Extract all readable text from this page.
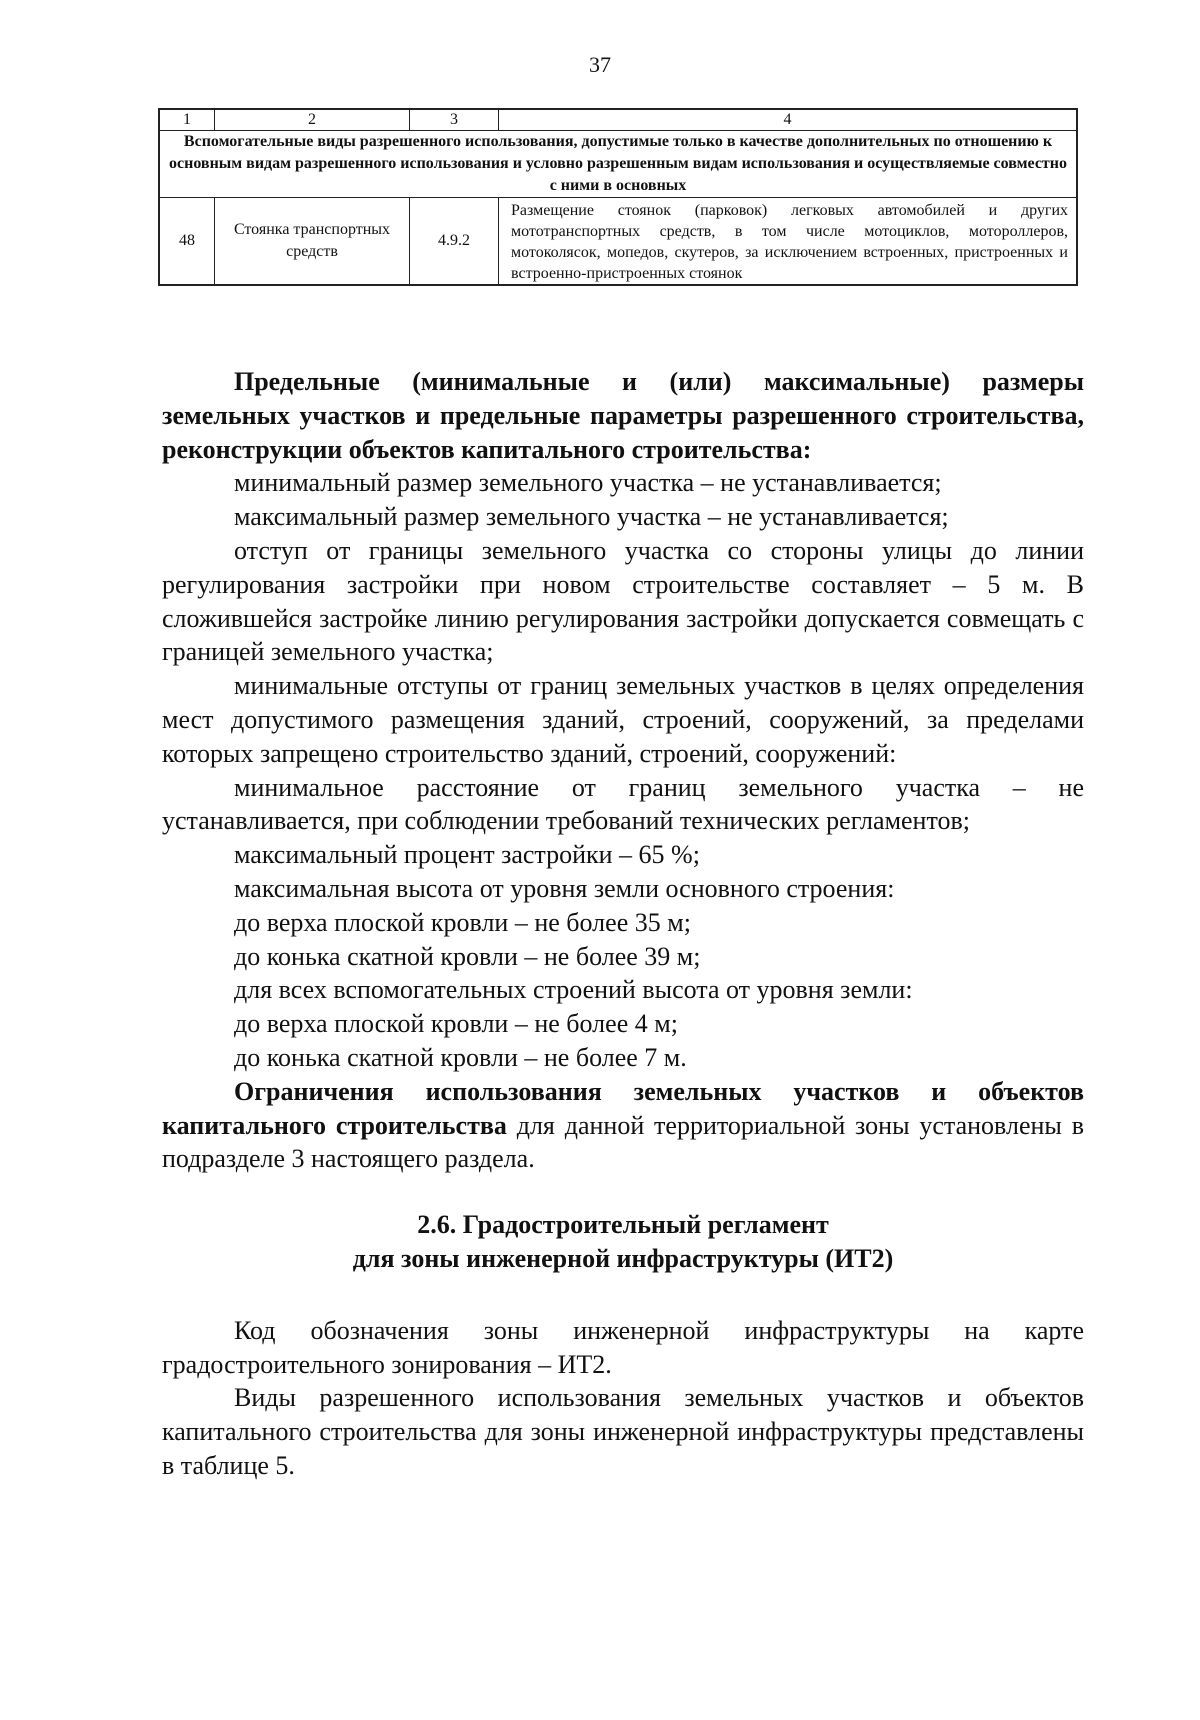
37
1	2	3	4
Вспомогательные виды разрешенного использования, допустимые только в качестве дополнительных по отношению к основным видам разрешенного использования и условно разрешенным видам использования и осуществляемые совместно с ними в основных			
48	Стоянка транспортных средств	4.9.2	Размещение стоянок (парковок) легковых автомобилей и других мототранспортных средств, в том числе мотоциклов, мотороллеров, мотоколясок, мопедов, скутеров, за исключением встроенных, пристроенных и встроенно-пристроенных стоянок

Предельные (минимальные и (или) максимальные) размеры земельных участков и предельные параметры разрешенного строительства, реконструкции объектов капитального строительства:

минимальный размер земельного участка – не устанавливается;

максимальный размер земельного участка – не устанавливается;

отступ от границы земельного участка со стороны улицы до линии регулирования застройки при новом строительстве составляет – 5 м. В сложившейся застройке линию регулирования застройки допускается совмещать с границей земельного участка;

минимальные отступы от границ земельных участков в целях определения мест допустимого размещения зданий, строений, сооружений, за пределами которых запрещено строительство зданий, строений, сооружений:

минимальное расстояние от границ земельного участка – не устанавливается, при соблюдении требований технических регламентов;

максимальный процент застройки – 65 %;

максимальная высота от уровня земли основного строения:

до верха плоской кровли – не более 35 м;

до конька скатной кровли – не более 39 м;

для всех вспомогательных строений высота от уровня земли:

до верха плоской кровли – не более 4 м;

до конька скатной кровли – не более 7 м.

Ограничения использования земельных участков и объектов капитального строительства для данной территориальной зоны установлены в подразделе 3 настоящего раздела.

2.6. Градостроительный регламент

для зоны инженерной инфраструктуры (ИТ2)

Код обозначения зоны инженерной инфраструктуры на карте градостроительного зонирования – ИТ2.

Виды разрешенного использования земельных участков и объектов капитального строительства для зоны инженерной инфраструктуры представлены в таблице 5.
